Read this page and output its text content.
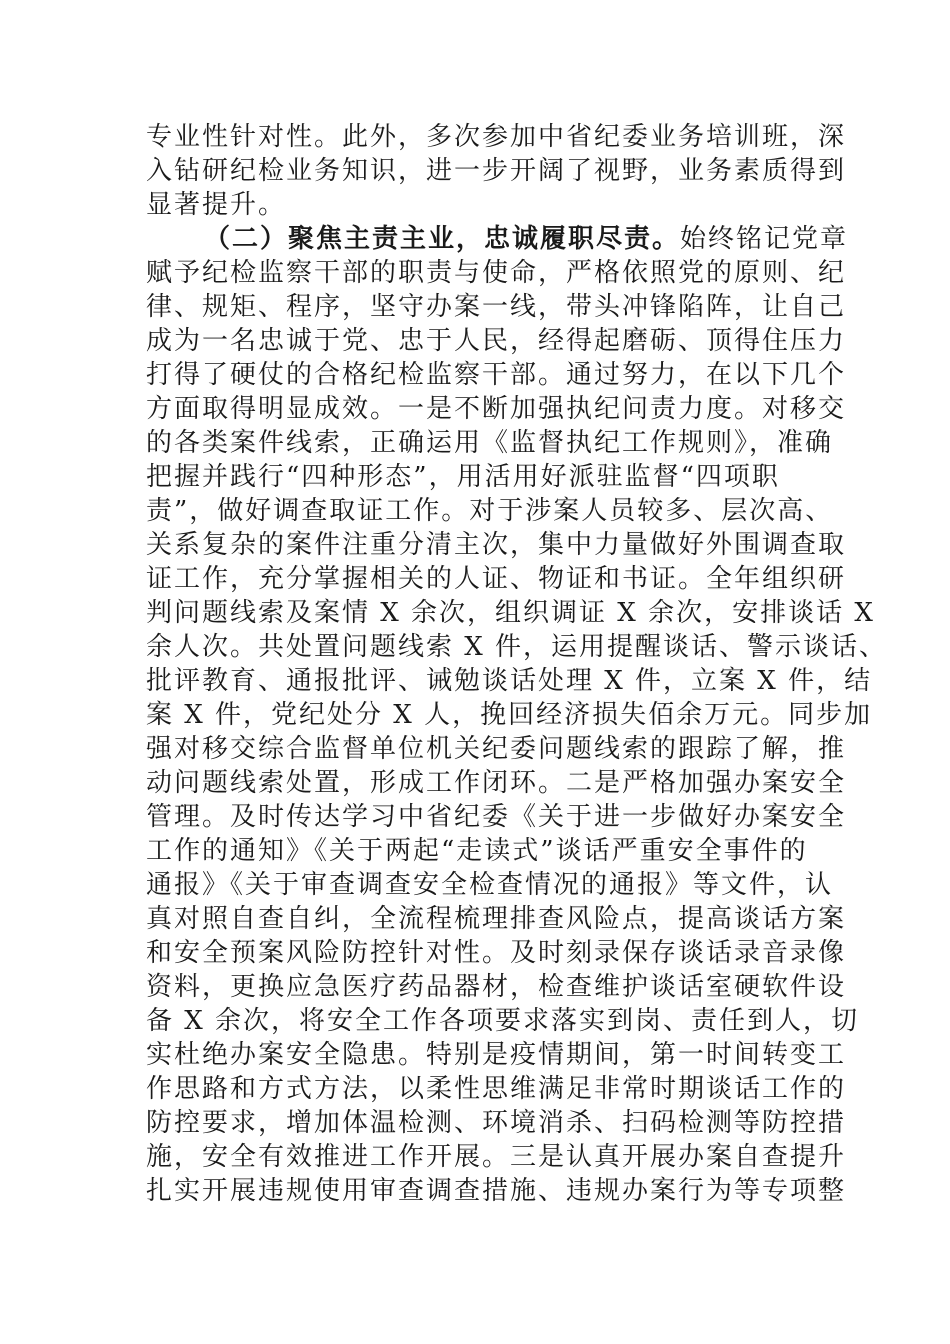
专业性针对性。此外，多次参加中省纪委业务培训班，深
入钻研纪检业务知识，进一步开阔了视野，业务素质得到
显著提升。
（二）聚焦主责主业，忠诚履职尽责。始终铭记党章
赋予纪检监察干部的职责与使命，严格依照党的原则、纪
律、规矩、程序，坚守办案一线，带头冲锋陷阵，让自己
成为一名忠诚于党、忠于人民，经得起磨砺、顶得住压力
打得了硬仗的合格纪检监察干部。通过努力，在以下几个
方面取得明显成效。一是不断加强执纪问责力度。对移交
的各类案件线索，正确运用《监督执纪工作规则》，准确
把握并践行“四种形态”，用活用好派驻监督“四项职
责”，做好调查取证工作。对于涉案人员较多、层次高、
关系复杂的案件注重分清主次，集中力量做好外围调查取
证工作，充分掌握相关的人证、物证和书证。全年组织研
判问题线索及案情 X 余次，组织调证 X 余次，安排谈话 X
余人次。共处置问题线索 X 件，运用提醒谈话、警示谈话、
批评教育、通报批评、诫勉谈话处理 X 件，立案 X 件，结
案 X 件，党纪处分 X 人，挽回经济损失佰余万元。同步加
强对移交综合监督单位机关纪委问题线索的跟踪了解，推
动问题线索处置，形成工作闭环。二是严格加强办案安全
管理。及时传达学习中省纪委《关于进一步做好办案安全
工作的通知》《关于两起“走读式”谈话严重安全事件的
通报》《关于审查调查安全检查情况的通报》等文件，认
真对照自查自纠，全流程梳理排查风险点，提高谈话方案
和安全预案风险防控针对性。及时刻录保存谈话录音录像
资料，更换应急医疗药品器材，检查维护谈话室硬软件设
备 X 余次，将安全工作各项要求落实到岗、责任到人，切
实杜绝办案安全隐患。特别是疫情期间，第一时间转变工
作思路和方式方法，以柔性思维满足非常时期谈话工作的
防控要求，增加体温检测、环境消杀、扫码检测等防控措
施，安全有效推进工作开展。三是认真开展办案自查提升
扎实开展违规使用审查调查措施、违规办案行为等专项整
